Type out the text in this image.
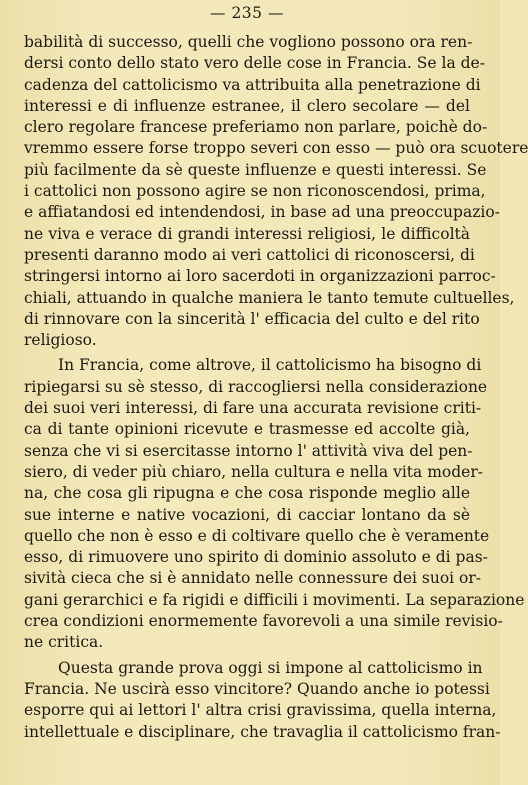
— 235 —
babilità di successo, quelli che vogliono possono ora ren-
dersi conto dello stato vero delle cose in Francia. Se la de-
cadenza del cattolicismo va attribuita alla penetrazione di
interessi e di influenze estranee, il clero secolare — del
clero regolare francese preferiamo non parlare, poichè do-
vremmo essere forse troppo severi con esso — può ora scuotere
più facilmente da sè queste influenze e questi interessi. Se
i cattolici non possono agire se non riconoscendosi, prima,
e affiatandosi ed intendendosi, in base ad una preoccupazio-
ne viva e verace di grandi interessi religiosi, le difficoltà
presenti daranno modo ai veri cattolici di riconoscersi, di
stringersi intorno ai loro sacerdoti in organizzazioni parroc-
chiali, attuando in qualche maniera le tanto temute cultuelles,
di rinnovare con la sincerità l' efficacia del culto e del rito
religioso.
In Francia, come altrove, il cattolicismo ha bisogno di
ripiegarsi su sè stesso, di raccogliersi nella considerazione
dei suoi veri interessi, di fare una accurata revisione criti-
ca di tante opinioni ricevute e trasmesse ed accolte già,
senza che vi si esercitasse intorno l' attività viva del pen-
siero, di veder più chiaro, nella cultura e nella vita moder-
na, che cosa gli ripugna e che cosa risponde meglio alle
sue interne e native vocazioni, di cacciar lontano da sè
quello che non è esso e di coltivare quello che è veramente
esso, di rimuovere uno spirito di dominio assoluto e di pas-
sività cieca che si è annidato nelle connessure dei suoi or-
gani gerarchici e fa rigidi e difficili i movimenti. La separazione
crea condizioni enormemente favorevoli a una simile revisio-
ne critica.
Questa grande prova oggi si impone al cattolicismo in
Francia. Ne uscirà esso vincitore? Quando anche io potessi
esporre qui ai lettori l' altra crisi gravissima, quella interna,
intellettuale e disciplinare, che travaglia il cattolicismo fran-
